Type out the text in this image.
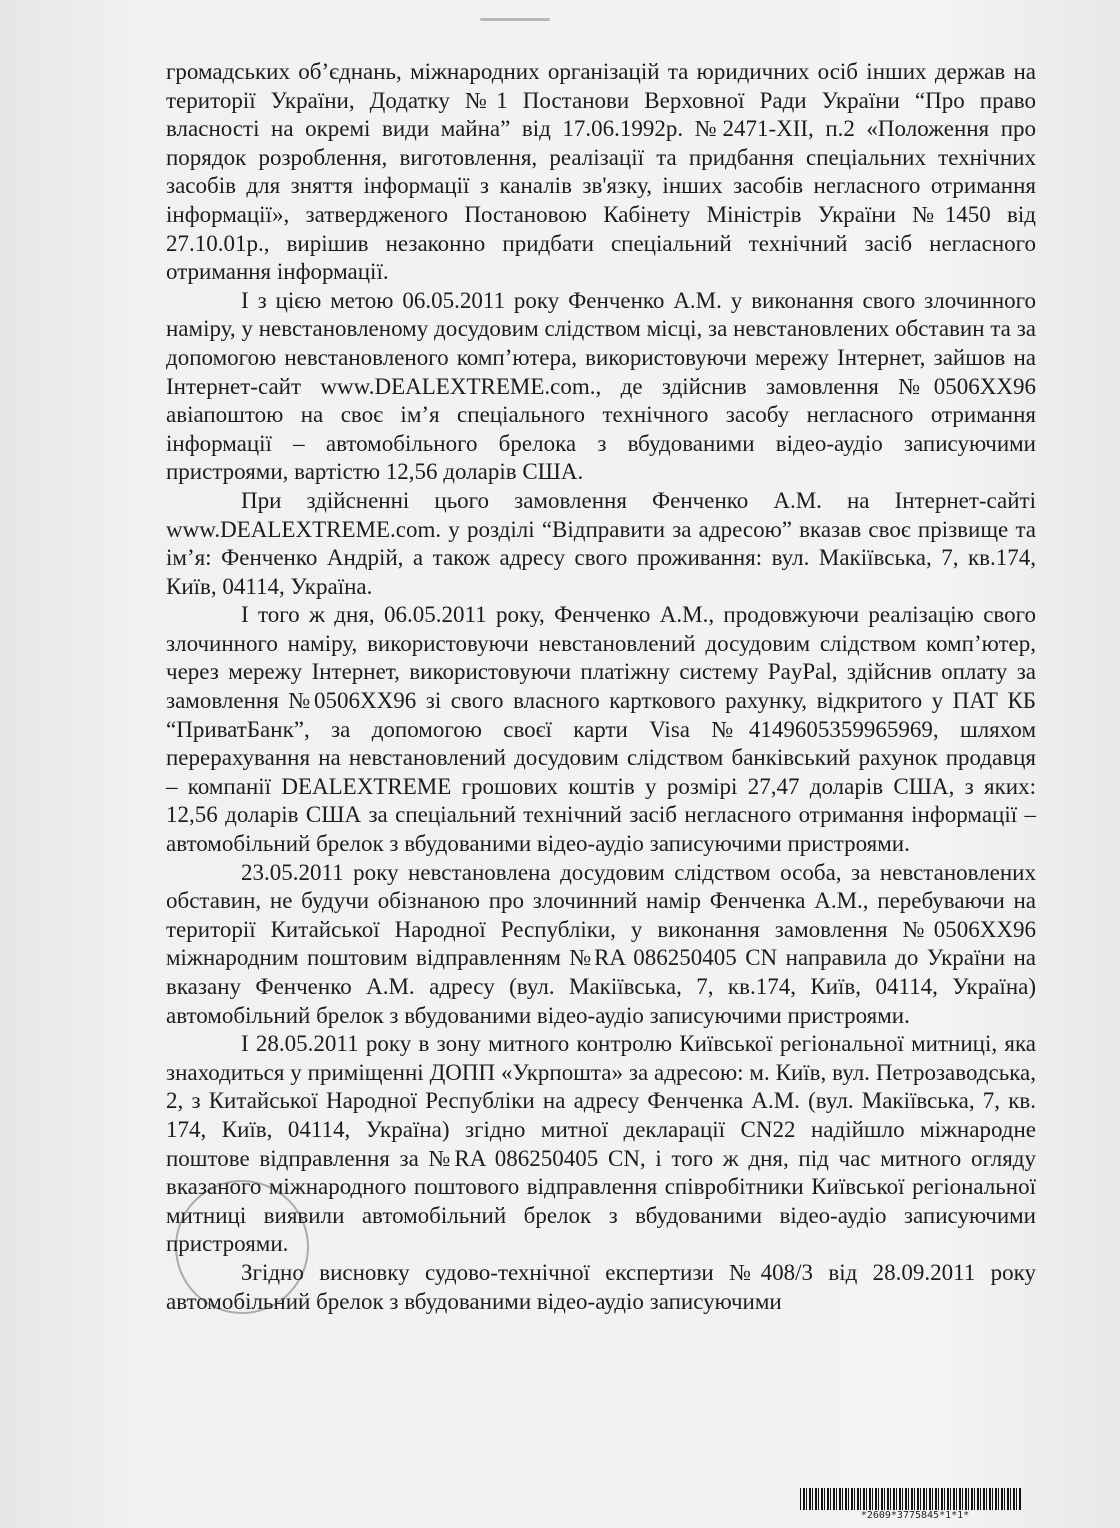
громадських об’єднань, міжнародних організацій та юридичних осіб інших держав на території України, Додатку №1 Постанови Верховної Ради України “Про право власності на окремі види майна” від 17.06.1992р. №2471-ХІІ, п.2 «Положення про порядок розроблення, виготовлення, реалізації та придбання спеціальних технічних засобів для зняття інформації з каналів зв'язку, інших засобів негласного отримання інформації», затвердженого Постановою Кабінету Міністрів України №1450 від 27.10.01р., вирішив незаконно придбати спеціальний технічний засіб негласного отримання інформації.

І з цією метою 06.05.2011 року Фенченко А.М. у виконання свого злочинного наміру, у невстановленому досудовим слідством місці, за невстановлених обставин та за допомогою невстановленого комп’ютера, використовуючи мережу Інтернет, зайшов на Інтернет-сайт www.DEALEXTREME.com., де здійснив замовлення №0506ХХ96 авіапоштою на своє ім’я спеціального технічного засобу негласного отримання інформації – автомобільного брелока з вбудованими відео-аудіо записуючими пристроями, вартістю 12,56 доларів США.

При здійсненні цього замовлення Фенченко А.М. на Інтернет-сайті www.DEALEXTREME.com. у розділі “Відправити за адресою” вказав своє прізвище та ім’я: Фенченко Андрій, а також адресу свого проживання: вул. Макіївська, 7, кв.174, Київ, 04114, Україна.

І того ж дня, 06.05.2011 року, Фенченко А.М., продовжуючи реалізацію свого злочинного наміру, використовуючи невстановлений досудовим слідством комп’ютер, через мережу Інтернет, використовуючи платіжну систему PayPal, здійснив оплату за замовлення №0506ХХ96 зі свого власного карткового рахунку, відкритого у ПАТ КБ “ПриватБанк”, за допомогою своєї карти Visa №4149605359965969, шляхом перерахування на невстановлений досудовим слідством банківський рахунок продавця – компанії DEALEXTREME грошових коштів у розмірі 27,47 доларів США, з яких: 12,56 доларів США за спеціальний технічний засіб негласного отримання інформації – автомобільний брелок з вбудованими відео-аудіо записуючими пристроями.

23.05.2011 року невстановлена досудовим слідством особа, за невстановлених обставин, не будучи обізнаною про злочинний намір Фенченка А.М., перебуваючи на території Китайської Народної Республіки, у виконання замовлення №0506ХХ96 міжнародним поштовим відправленням №RA 086250405 CN направила до України на вказану Фенченко А.М. адресу (вул. Макіївська, 7, кв.174, Київ, 04114, Україна) автомобільний брелок з вбудованими відео-аудіо записуючими пристроями.

І 28.05.2011 року в зону митного контролю Київської регіональної митниці, яка знаходиться у приміщенні ДОПП «Укрпошта» за адресою: м. Київ, вул. Петрозаводська, 2, з Китайської Народної Республіки на адресу Фенченка А.М. (вул. Макіївська, 7, кв. 174, Київ, 04114, Україна) згідно митної декларації CN22 надійшло міжнародне поштове відправлення за №RA 086250405 CN, і того ж дня, під час митного огляду вказаного міжнародного поштового відправлення співробітники Київської регіональної митниці виявили автомобільний брелок з вбудованими відео-аудіо записуючими пристроями.

Згідно висновку судово-технічної експертизи №408/3 від 28.09.2011 року автомобільний брелок з вбудованими відео-аудіо записуючими

*2609*3775845*1*1*
